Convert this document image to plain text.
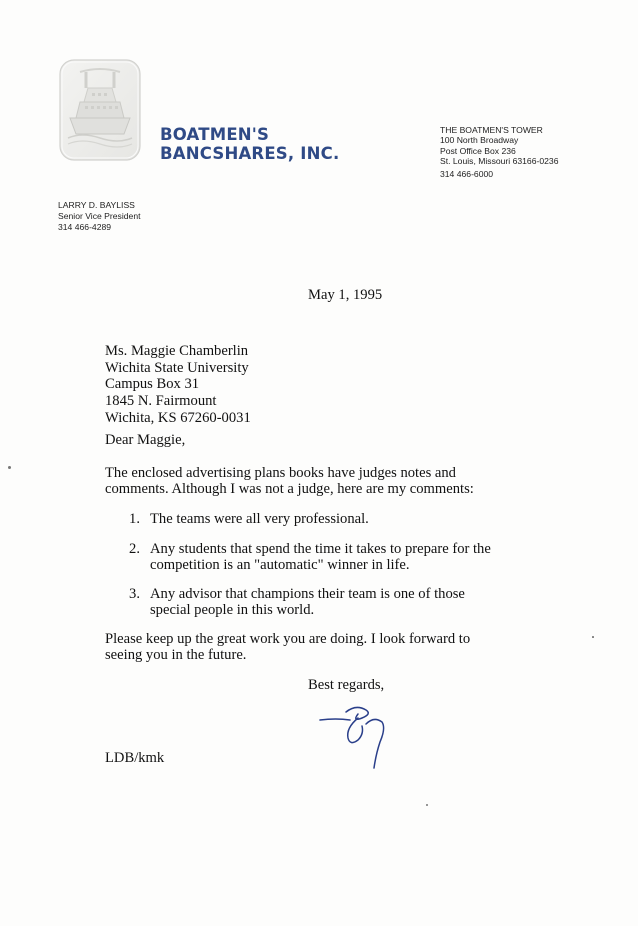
BOATMEN'S
BANCSHARES, INC.
THE BOATMEN'S TOWER
100 North Broadway
Post Office Box 236
St. Louis, Missouri 63166-0236
314 466-6000
LARRY D. BAYLISS
Senior Vice President
314 466-4289
May 1, 1995
Ms. Maggie Chamberlin
Wichita State University
Campus Box 31
1845 N. Fairmount
Wichita, KS 67260-0031
Dear Maggie,
The enclosed advertising plans books have judges notes and
comments. Although I was not a judge, here are my comments:
1. The teams were all very professional.
2. Any students that spend the time it takes to prepare for the
competition is an "automatic" winner in life.
3. Any advisor that champions their team is one of those
special people in this world.
Please keep up the great work you are doing. I look forward to
seeing you in the future.
Best regards,
LDB/kmk
